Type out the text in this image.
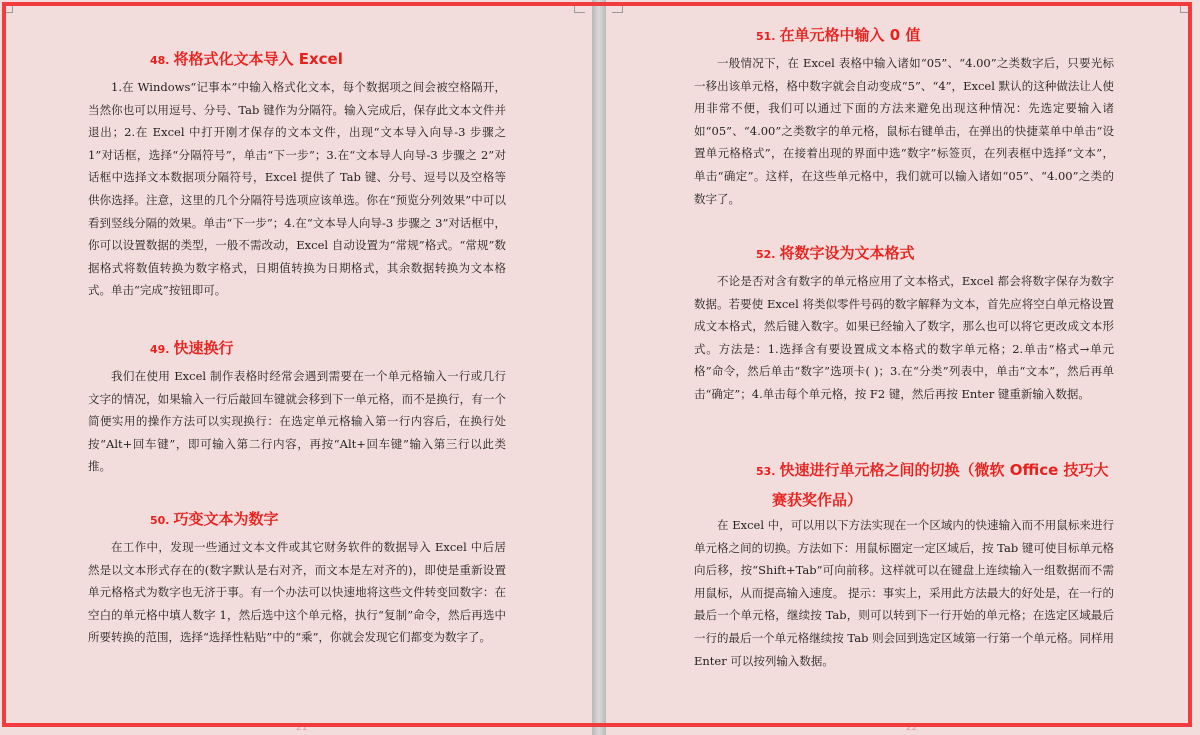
48. 将格式化文本导入 Excel

1.在 Windows“记事本”中输入格式化文本，每个数据项之间会被空格隔开，当然你也可以用逗号、分号、Tab 键作为分隔符。输入完成后，保存此文本文件并退出；2.在 Excel 中打开刚才保存的文本文件，出现“文本导入向导-3 步骤之 1”对话框，选择“分隔符号”，单击“下一步”；3.在“文本导人向导-3 步骤之 2”对话框中选择文本数据项分隔符号，Excel 提供了 Tab 键、分号、逗号以及空格等供你选择。注意，这里的几个分隔符号选项应该单选。你在“预览分列效果”中可以看到竖线分隔的效果。单击“下一步”；4.在“文本导人向导-3 步骤之 3”对话框中，你可以设置数据的类型，一般不需改动，Excel 自动设置为“常规”格式。“常规”数据格式将数值转换为数字格式，日期值转换为日期格式，其余数据转换为文本格式。单击“完成”按钮即可。

49. 快速换行

我们在使用 Excel 制作表格时经常会遇到需要在一个单元格输入一行或几行文字的情况，如果输入一行后敲回车键就会移到下一单元格，而不是换行，有一个简便实用的操作方法可以实现换行：在选定单元格输入第一行内容后，在换行处按“Alt+回车键”，即可输入第二行内容，再按“Alt+回车键”输入第三行以此类推。

50. 巧变文本为数字

在工作中，发现一些通过文本文件或其它财务软件的数据导入 Excel 中后居然是以文本形式存在的(数字默认是右对齐，而文本是左对齐的)，即使是重新设置单元格格式为数字也无济于事。有一个办法可以快速地将这些文件转变回数字：在空白的单元格中填人数字 1，然后选中这个单元格，执行“复制”命令，然后再选中所要转换的范围，选择“选择性粘贴”中的“乘”，你就会发现它们都变为数字了。

21
51. 在单元格中输入 0 值

一般情况下，在 Excel 表格中输入诸如“05”、“4.00”之类数字后，只要光标一移出该单元格，格中数字就会自动变成“5”、“4”，Excel 默认的这种做法让人使用非常不便，我们可以通过下面的方法来避免出现这种情况：先选定要输入诸如“05”、“4.00”之类数字的单元格，鼠标右键单击，在弹出的快捷菜单中单击“设置单元格格式”，在接着出现的界面中选“数字”标签页，在列表框中选择“文本”，单击“确定”。这样，在这些单元格中，我们就可以输入诸如“05”、“4.00”之类的数字了。

52. 将数字设为文本格式

不论是否对含有数字的单元格应用了文本格式，Excel 都会将数字保存为数字数据。若要使 Excel 将类似零件号码的数字解释为文本，首先应将空白单元格设置成文本格式，然后键入数字。如果已经输入了数字，那么也可以将它更改成文本形式。方法是：1.选择含有要设置成文本格式的数字单元格；2.单击“格式→单元格”命令，然后单击“数字”选项卡( )；3.在“分类”列表中，单击“文本”，然后再单击“确定”；4.单击每个单元格，按 F2 键，然后再按 Enter 键重新输入数据。

53. 快速进行单元格之间的切换（微软 Office 技巧大赛获奖作品）

在 Excel 中，可以用以下方法实现在一个区域内的快速输入而不用鼠标来进行单元格之间的切换。方法如下：用鼠标圈定一定区域后，按 Tab 键可使目标单元格向后移，按“Shift+Tab”可向前移。这样就可以在键盘上连续输入一组数据而不需用鼠标，从而提高输入速度。 提示：事实上，采用此方法最大的好处是，在一行的最后一个单元格，继续按 Tab，则可以转到下一行开始的单元格；在选定区域最后一行的最后一个单元格继续按 Tab 则会回到选定区域第一行第一个单元格。同样用 Enter 可以按列输入数据。

22
